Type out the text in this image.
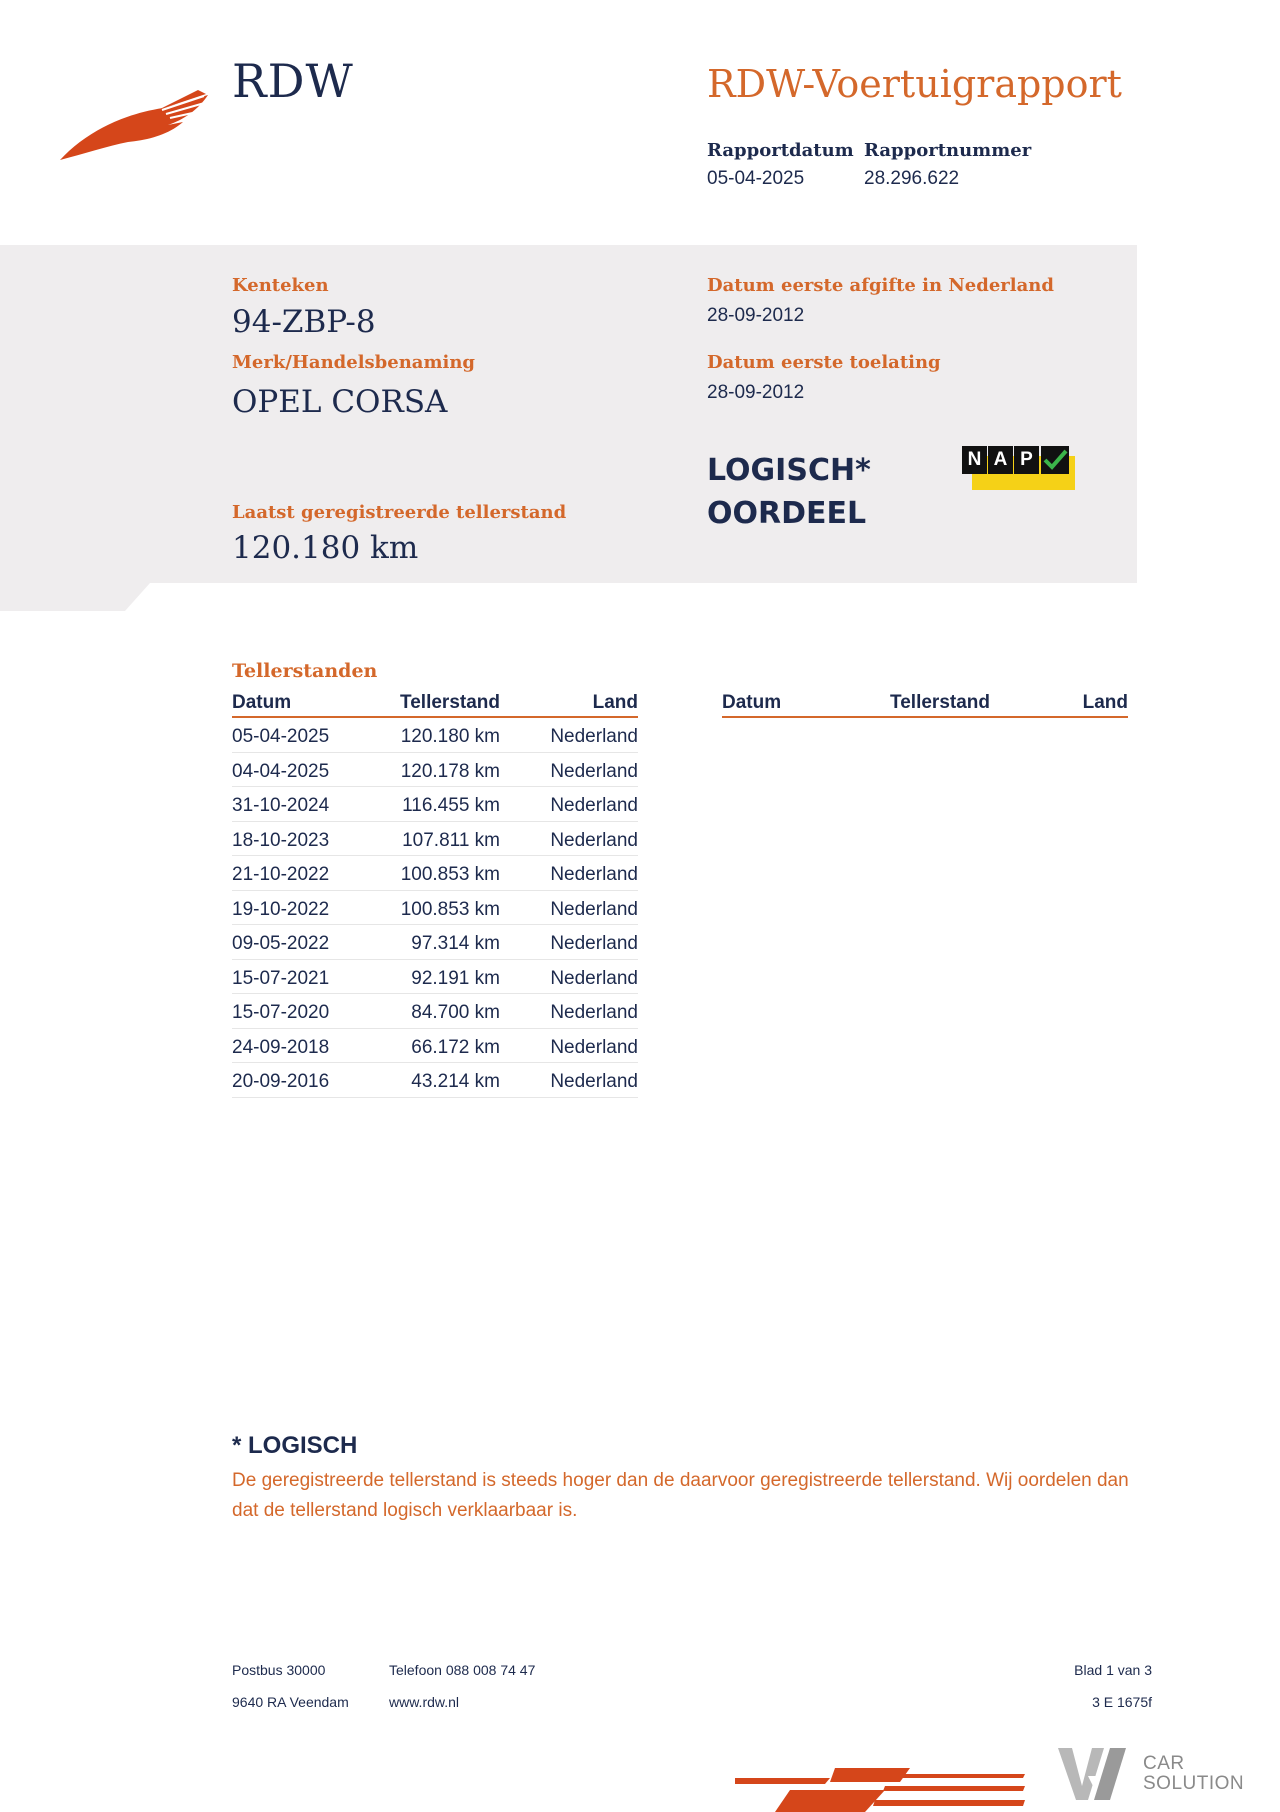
RDW	RDW-Voertuigrapport
Rapportdatum
05-04-2025
Rapportnummer
28.296.622
Kenteken
94-ZBP-8
Merk/Handelsbenaming
OPEL CORSA
Datum eerste afgifte in Nederland
28-09-2012
Datum eerste toelating
28-09-2012
LOGISCH*
OORDEEL
N A P
Laatst geregistreerde tellerstand
120.180 km
Tellerstanden
Datum	Tellerstand	Land
05-04-2025	120.180 km	Nederland
04-04-2025	120.178 km	Nederland
31-10-2024	116.455 km	Nederland
18-10-2023	107.811 km	Nederland
21-10-2022	100.853 km	Nederland
19-10-2022	100.853 km	Nederland
09-05-2022	97.314 km	Nederland
15-07-2021	92.191 km	Nederland
15-07-2020	84.700 km	Nederland
24-09-2018	66.172 km	Nederland
20-09-2016	43.214 km	Nederland
Datum	Tellerstand	Land
* LOGISCH
De geregistreerde tellerstand is steeds hoger dan de daarvoor geregistreerde tellerstand. Wij oordelen dan dat de tellerstand logisch verklaarbaar is.
Postbus 30000
9640 RA Veendam
Telefoon 088 008 74 47
www.rdw.nl
Blad 1 van 3
3 E 1675f
CAR
SOLUTION
